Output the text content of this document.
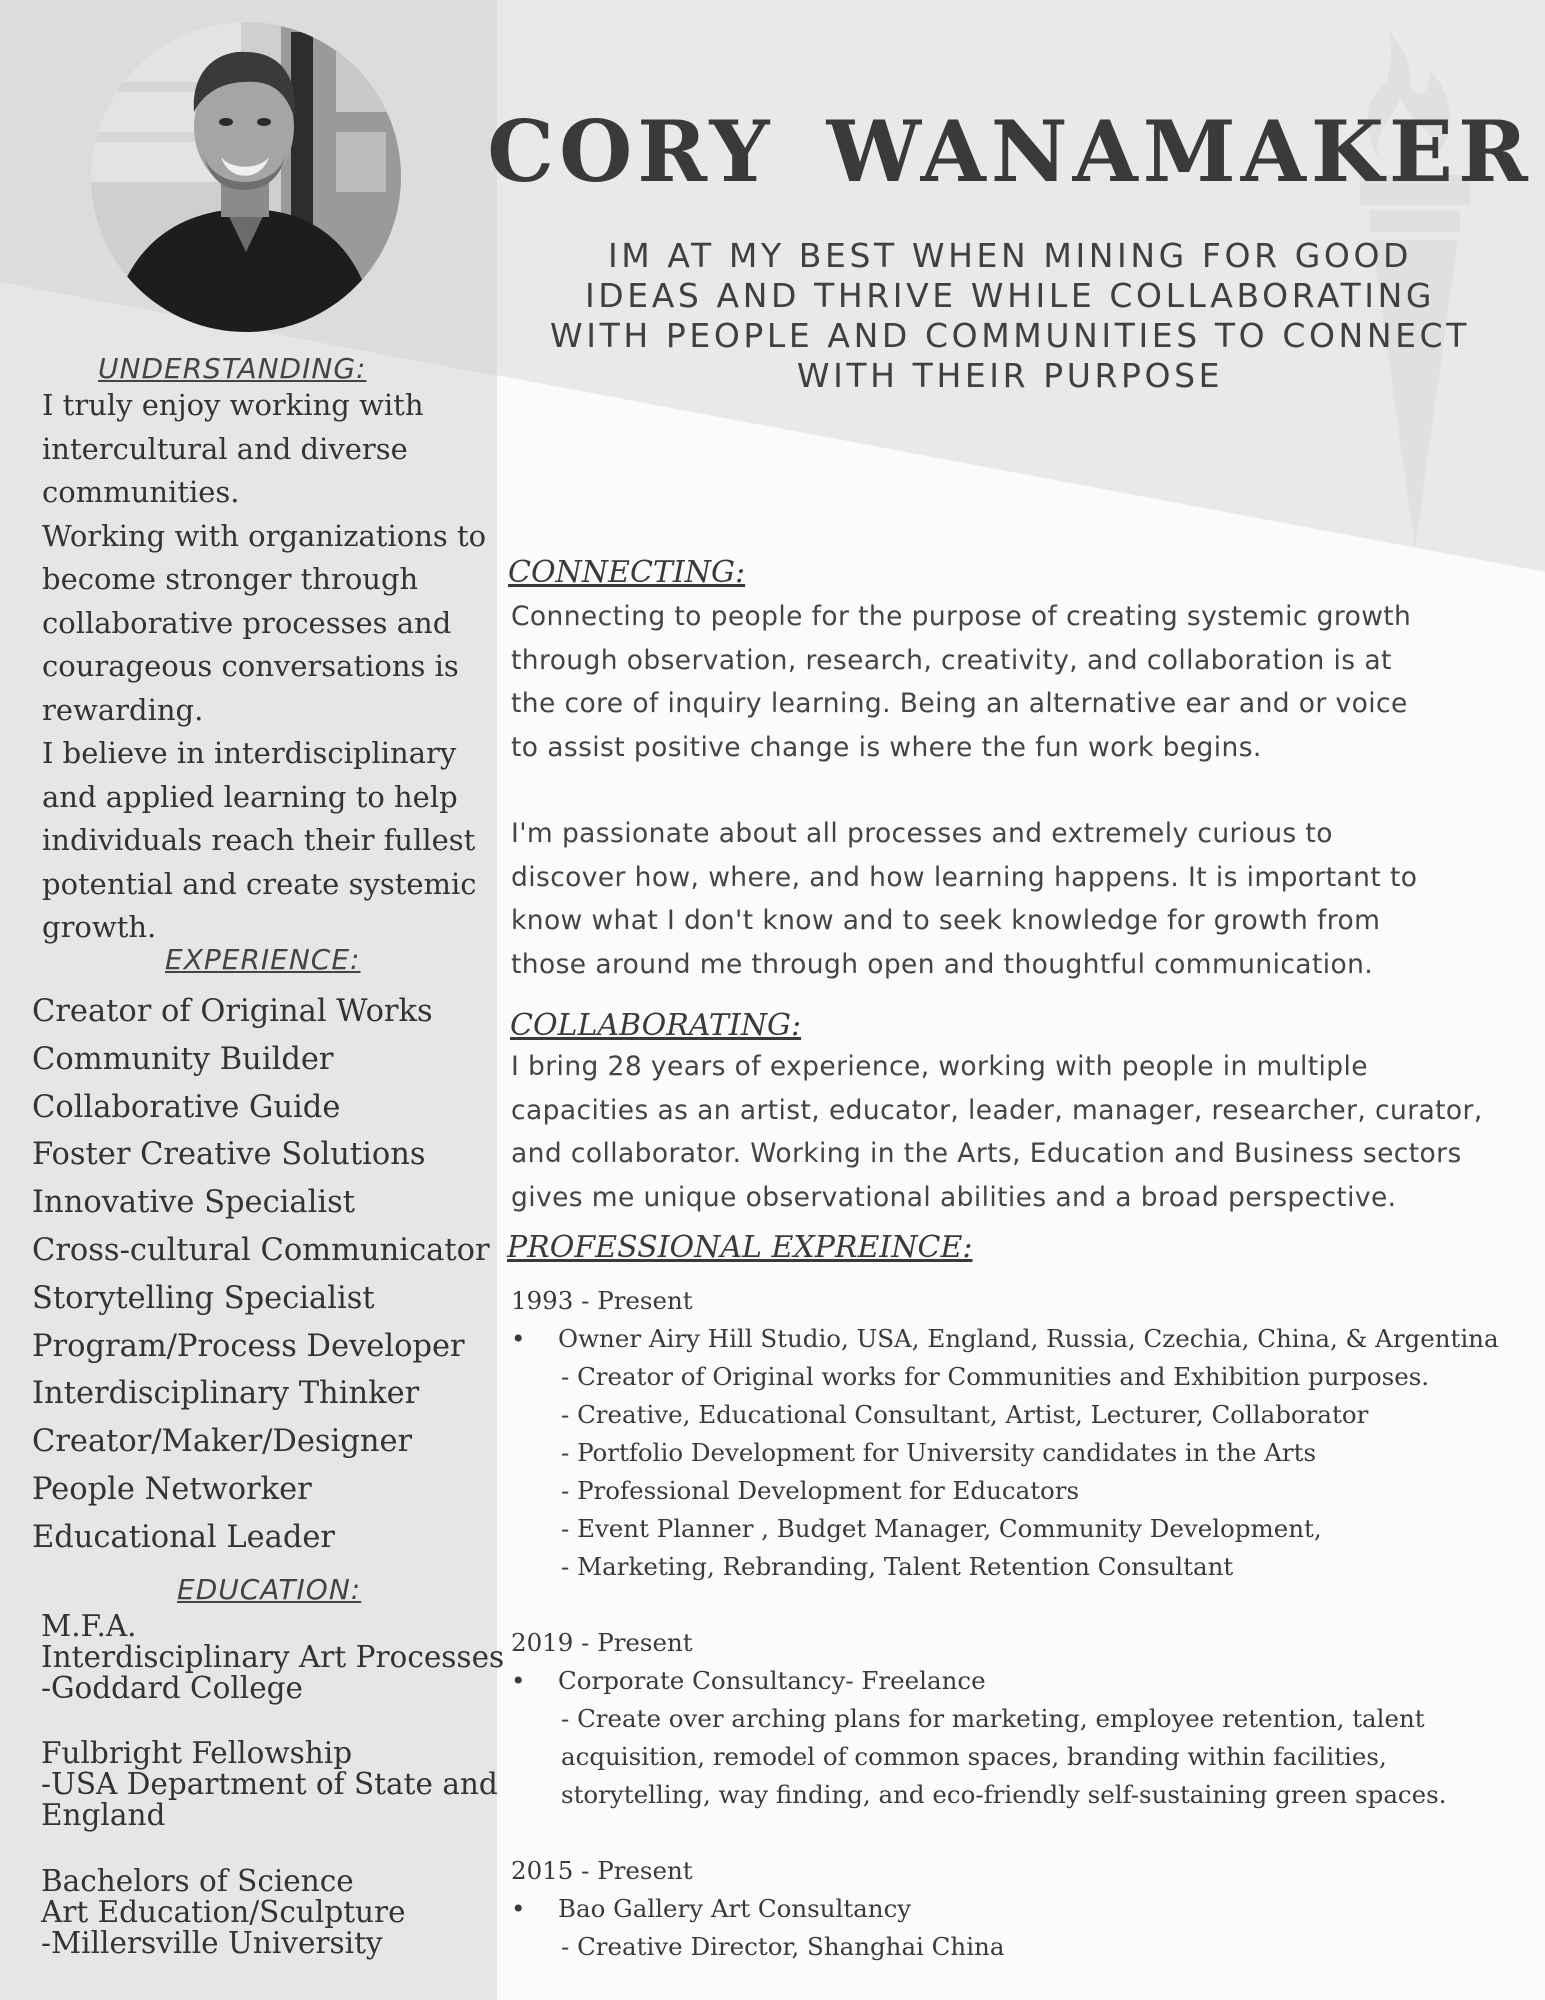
CORY WANAMAKER
IM AT MY BEST WHEN MINING FOR GOOD
IDEAS AND THRIVE WHILE COLLABORATING
WITH PEOPLE AND COMMUNITIES TO CONNECT
WITH THEIR PURPOSE
UNDERSTANDING:
I truly enjoy working with
intercultural and diverse
communities.
Working with organizations to
become stronger through
collaborative processes and
courageous conversations is
rewarding.
I believe in interdisciplinary
and applied learning to help
individuals reach their fullest
potential and create systemic
growth.
EXPERIENCE:
Creator of Original Works
Community Builder
Collaborative Guide
Foster Creative Solutions
Innovative Specialist
Cross-cultural Communicator
Storytelling Specialist
Program/Process Developer
Interdisciplinary Thinker
Creator/Maker/Designer
People Networker
Educational Leader
EDUCATION:
M.F.A.
Interdisciplinary Art Processes
-Goddard College
Fulbright Fellowship
-USA Department of State and
England
Bachelors of Science
Art Education/Sculpture
-Millersville University
CONNECTING:
Connecting to people for the purpose of creating systemic growth
through observation, research, creativity, and collaboration is at
the core of inquiry learning. Being an alternative ear and or voice
to assist positive change is where the fun work begins.
I'm passionate about all processes and extremely curious to
discover how, where, and how learning happens. It is important to
know what I don't know and to seek knowledge for growth from
those around me through open and thoughtful communication.
COLLABORATING:
I bring 28 years of experience, working with people in multiple
capacities as an artist, educator, leader, manager, researcher, curator,
and collaborator. Working in the Arts, Education and Business sectors
gives me unique observational abilities and a broad perspective.
PROFESSIONAL EXPREINCE:
1993 - Present
• Owner Airy Hill Studio, USA, England, Russia, Czechia, China, & Argentina
- Creator of Original works for Communities and Exhibition purposes.
- Creative, Educational Consultant, Artist, Lecturer, Collaborator
- Portfolio Development for University candidates in the Arts
- Professional Development for Educators
- Event Planner , Budget Manager, Community Development,
- Marketing, Rebranding, Talent Retention Consultant
2019 - Present
• Corporate Consultancy- Freelance
- Create over arching plans for marketing, employee retention, talent
acquisition, remodel of common spaces, branding within facilities,
storytelling, way finding, and eco-friendly self-sustaining green spaces.
2015 - Present
• Bao Gallery Art Consultancy
- Creative Director, Shanghai China
